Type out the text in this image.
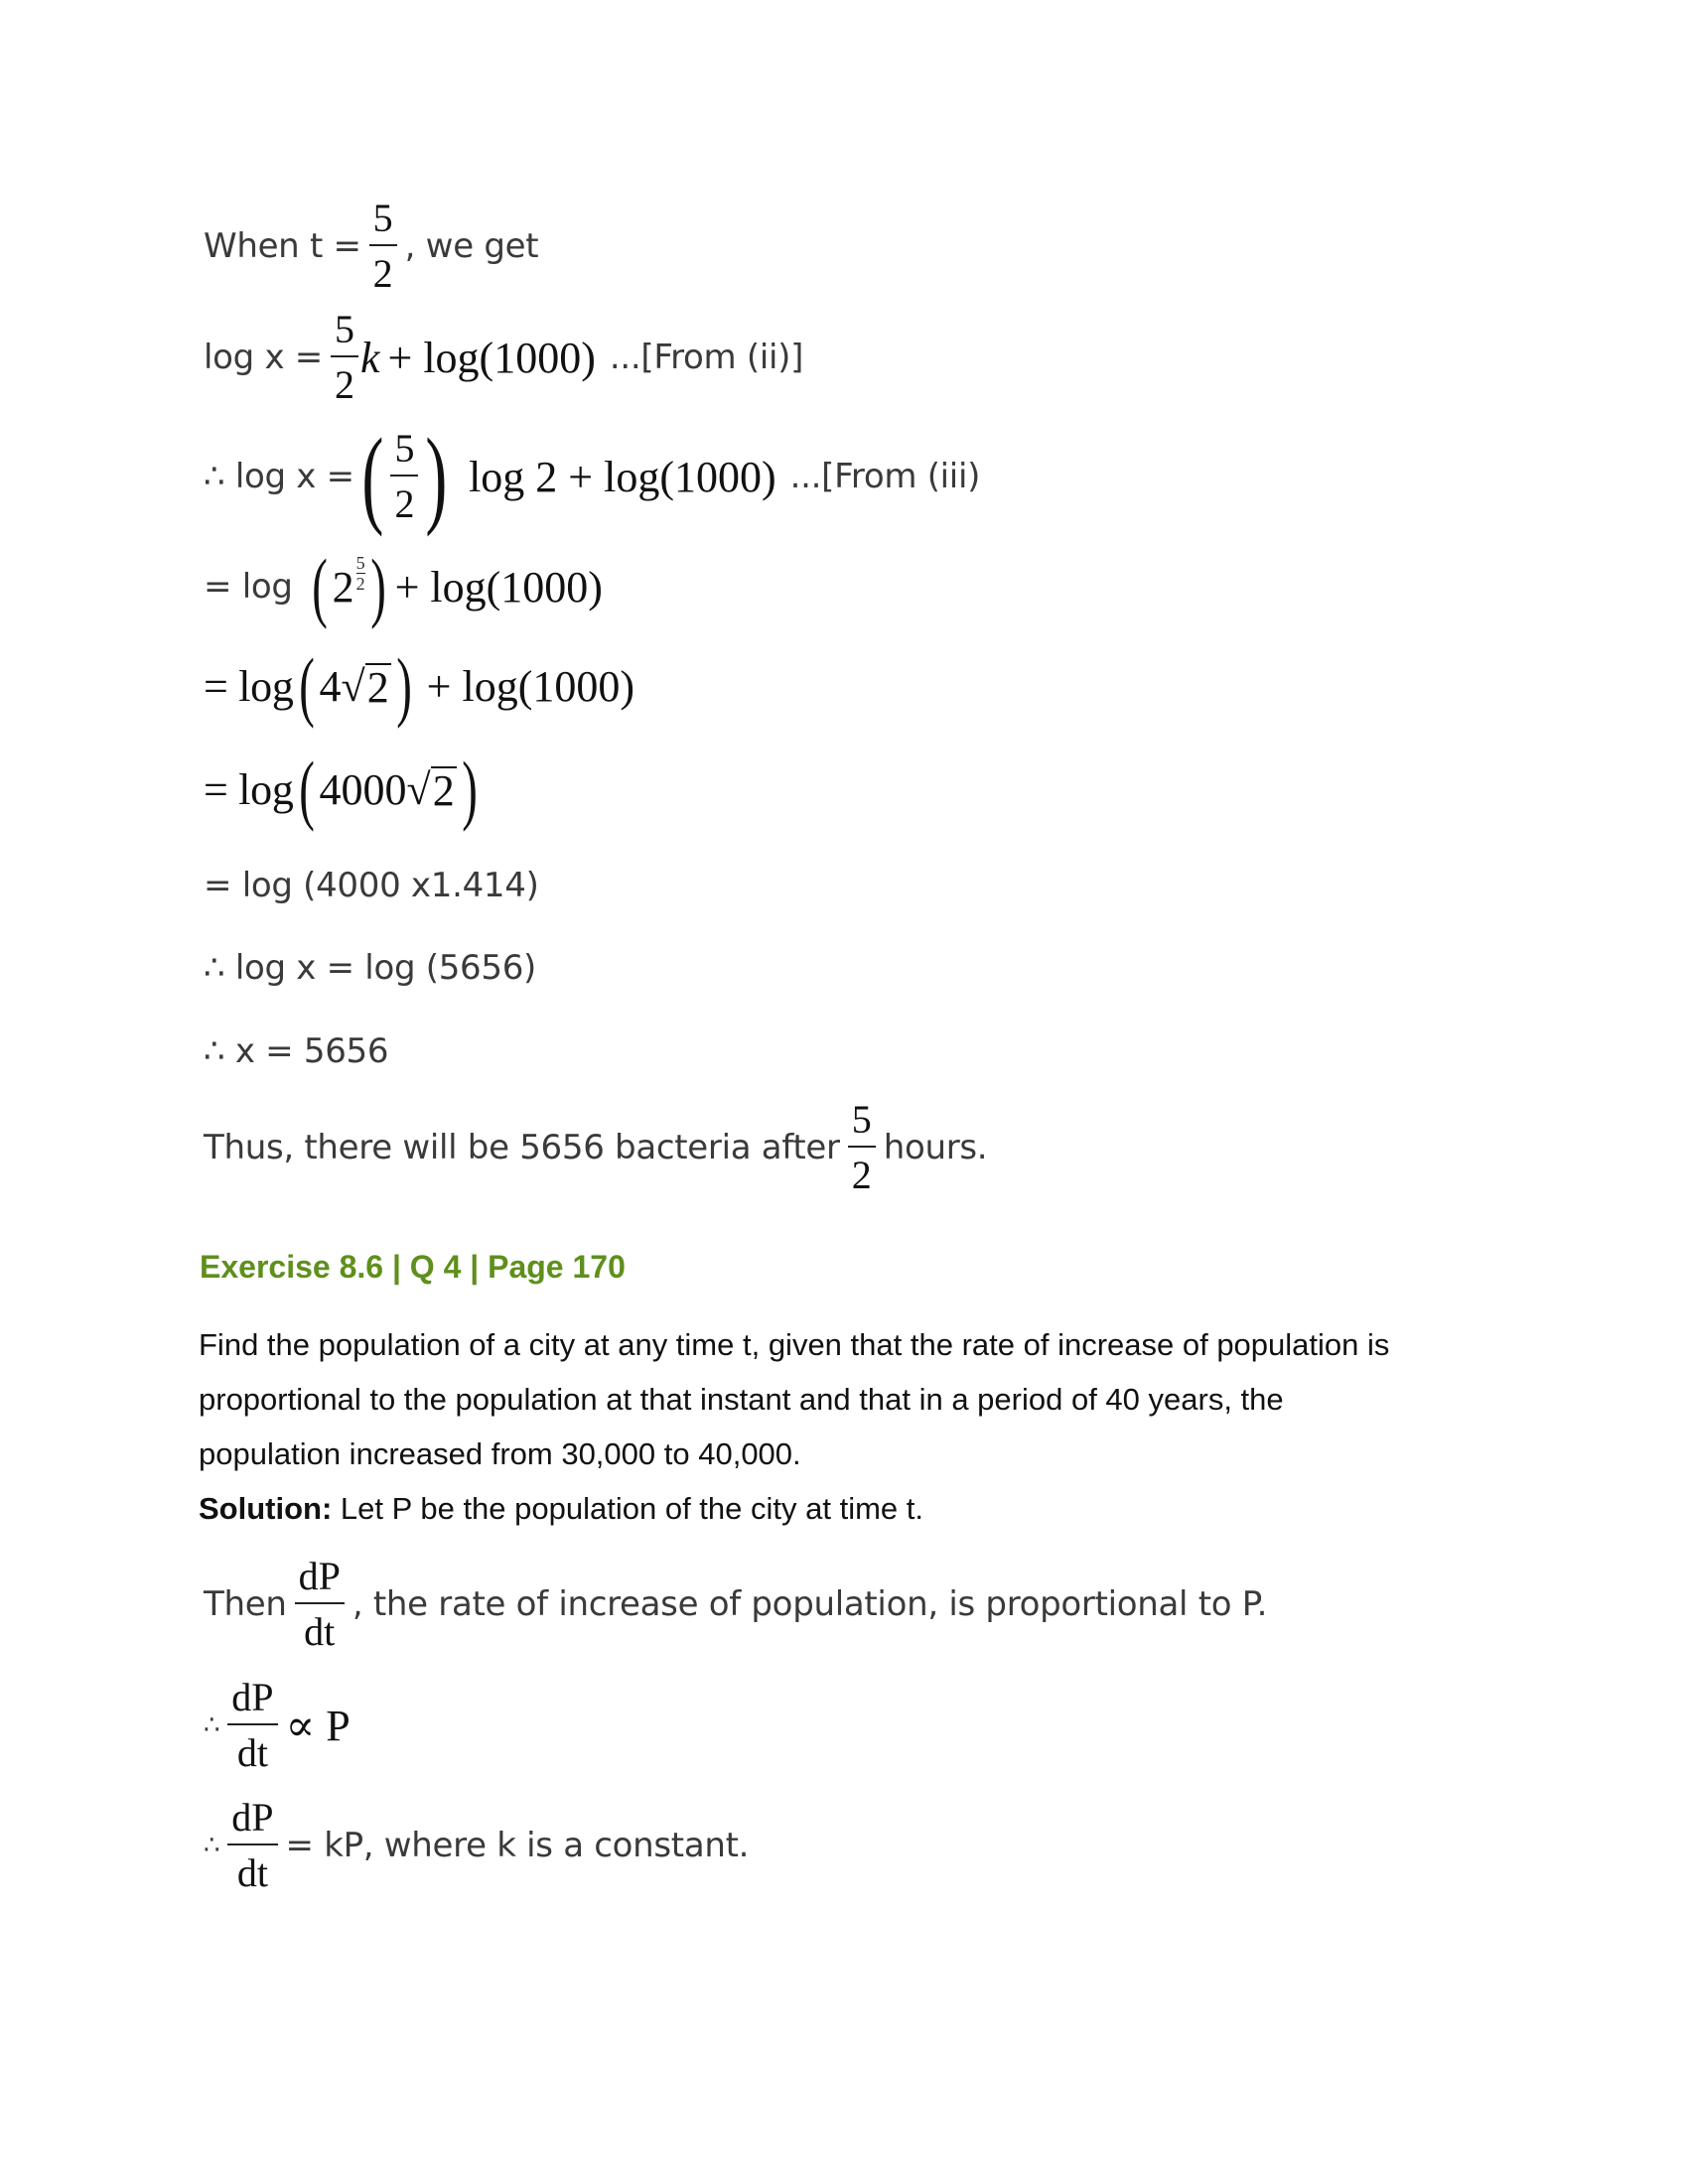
When $t = \frac{5}{2}$ , we get
$\log x = \frac{5}{2}$ k + log(1000) ...[From (ii)]
∴ log x = ( $\frac{5}{2}$ ) log 2 + log(1000) ...[From (iii)
= log ( 2 5
2 ) + log(1000)
= log ( 4 √ 2 ) + log(1000)
= log ( 4000 √ 2 )
= log (4000 x1.414)
∴ log x = log (5656)
∴ x = 5656
Thus, there will be 5656 bacteria after $\frac{5}{2}$ hours.
Exercise 8.6 | Q 4 | Page 170
Find the population of a city at any time t, given that the rate of increase of population is
proportional to the population at that instant and that in a period of 40 years, the
population increased from 30,000 to 40,000.
Solution: Let P be the population of the city at time t.
Then $\frac{dP}{dt}$ , the rate of increase of population, is proportional to P.
∴ $\frac{dP}{dt} \propto P$
∴ $\frac{dP}{dt}$ = kP, where k is a constant.
